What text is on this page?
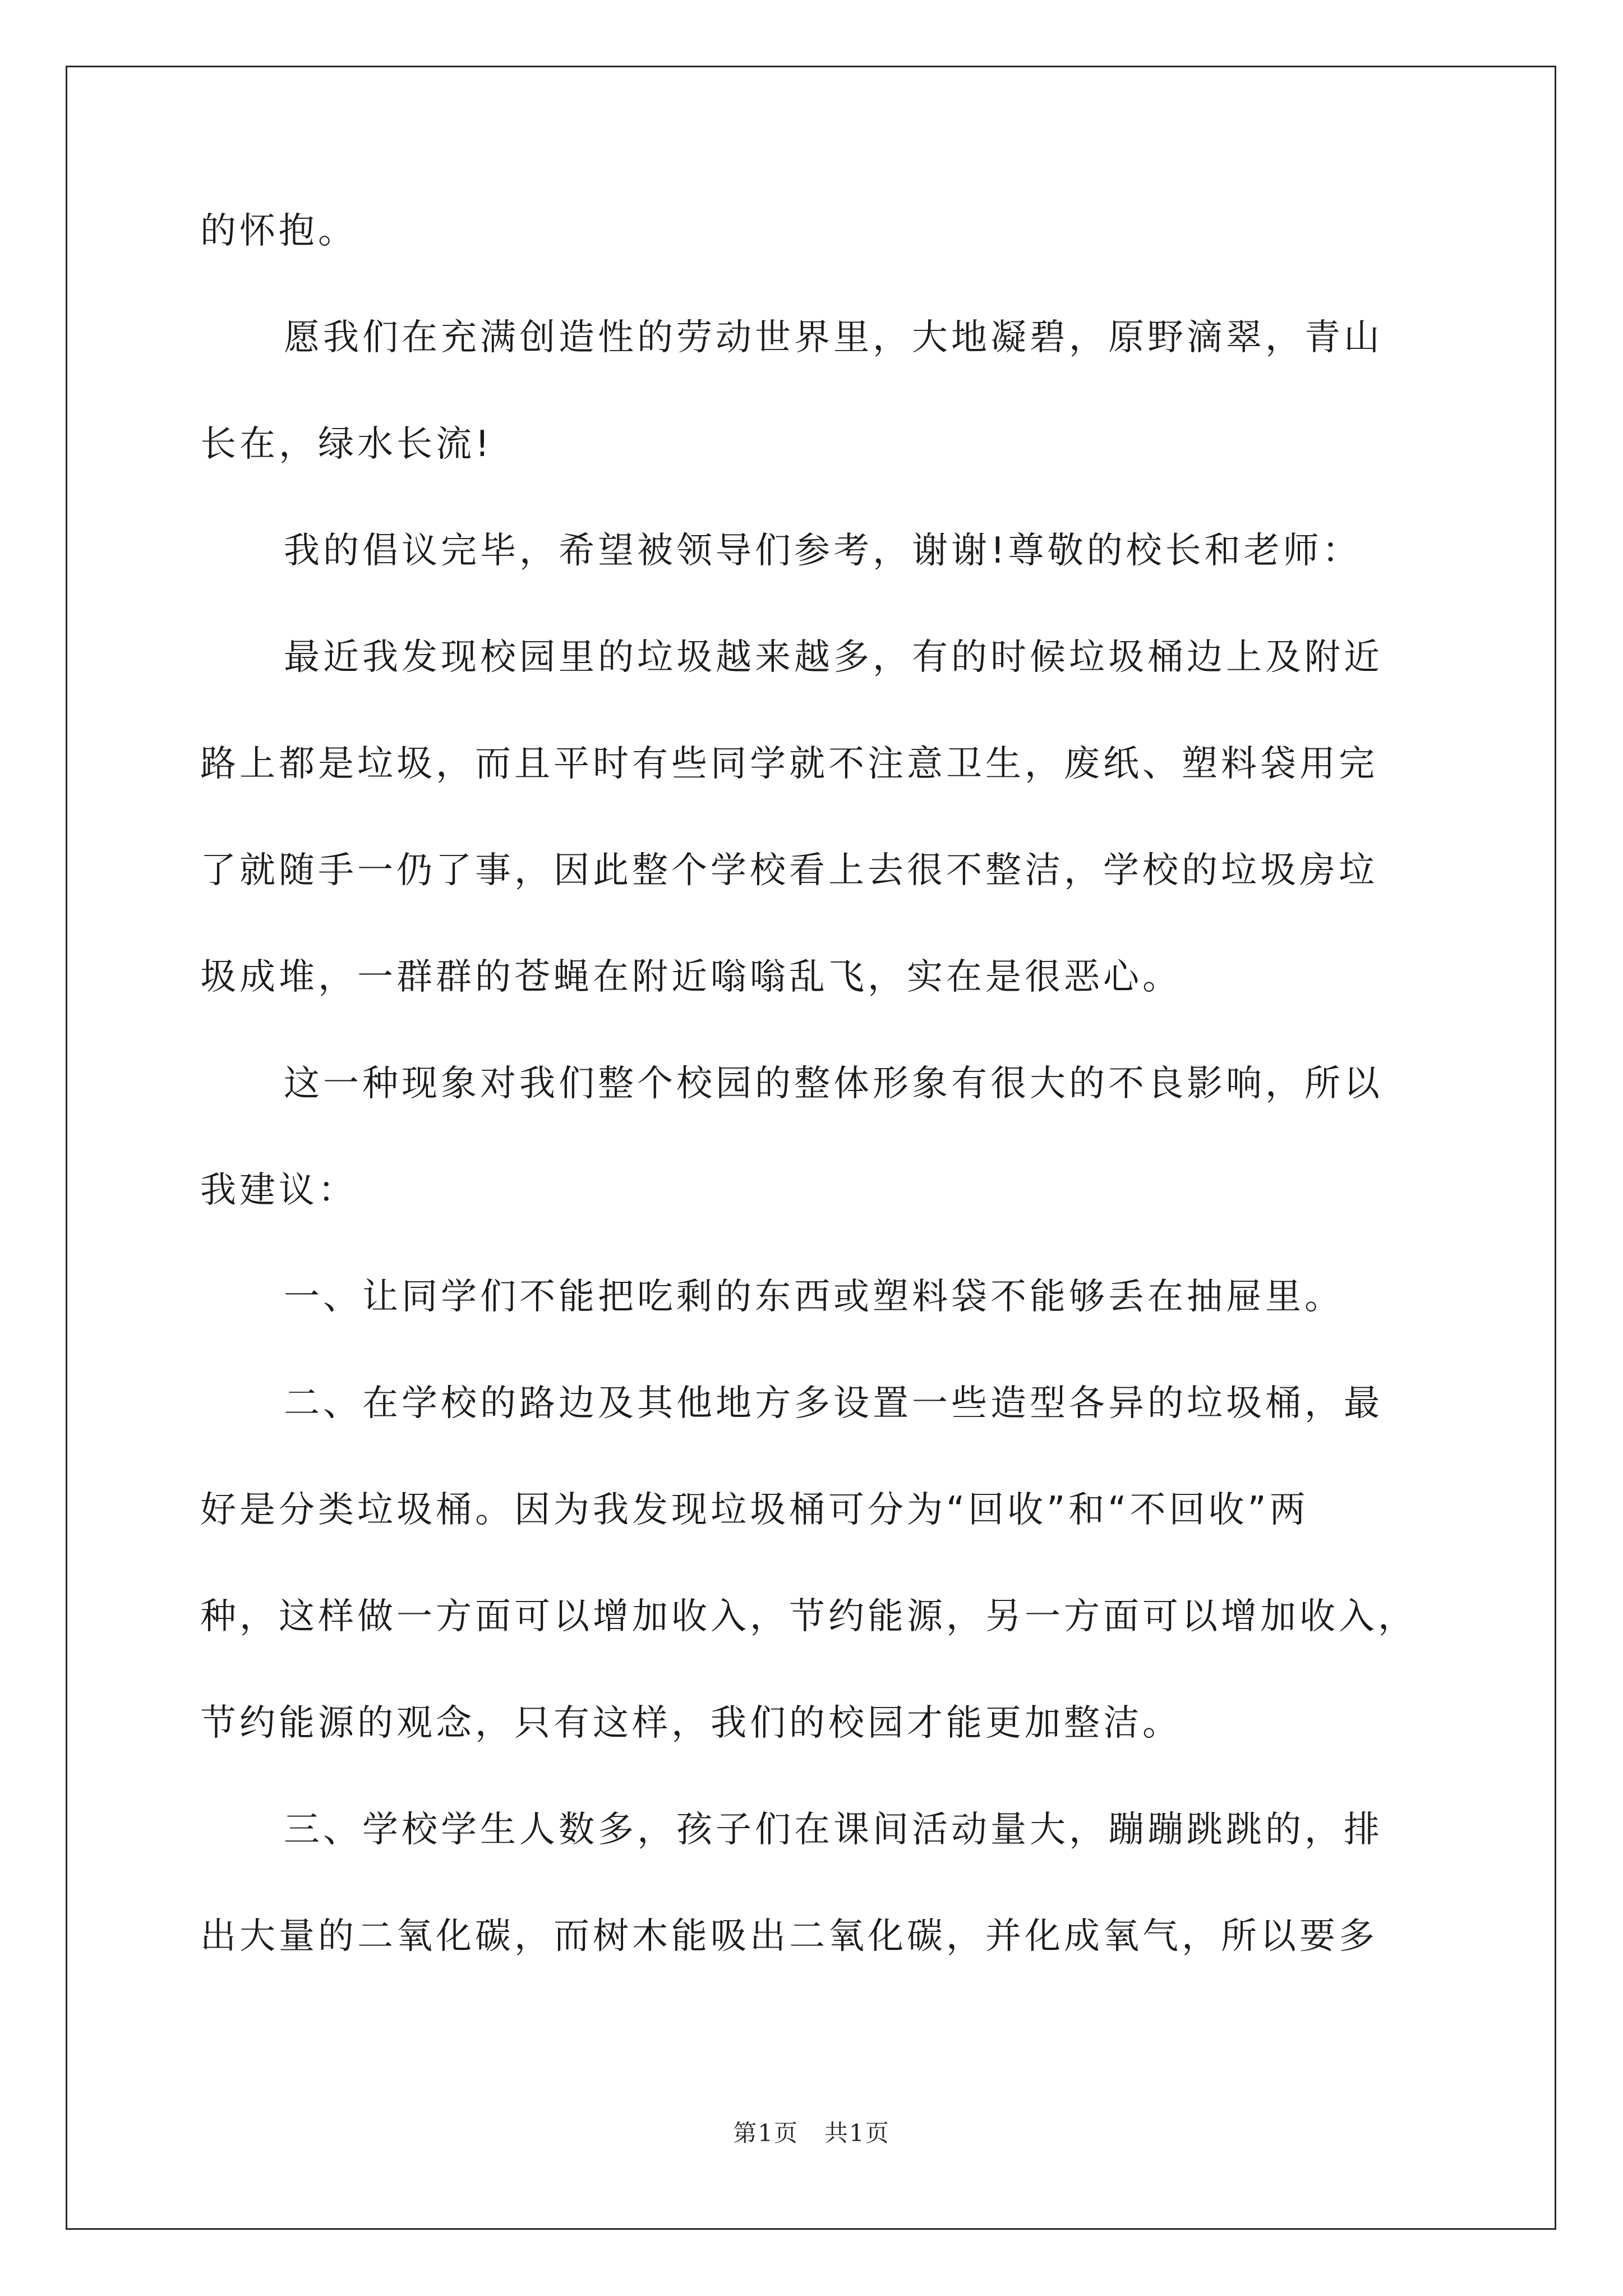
的怀抱。
愿我们在充满创造性的劳动世界里，大地凝碧，原野滴翠，青山
长在，绿水长流!
我的倡议完毕，希望被领导们参考，谢谢!尊敬的校长和老师：
最近我发现校园里的垃圾越来越多，有的时候垃圾桶边上及附近
路上都是垃圾，而且平时有些同学就不注意卫生，废纸、塑料袋用完
了就随手一仍了事，因此整个学校看上去很不整洁，学校的垃圾房垃
圾成堆，一群群的苍蝇在附近嗡嗡乱飞，实在是很恶心。
这一种现象对我们整个校园的整体形象有很大的不良影响，所以
我建议：
一、让同学们不能把吃剩的东西或塑料袋不能够丢在抽屉里。
二、在学校的路边及其他地方多设置一些造型各异的垃圾桶，最
好是分类垃圾桶。因为我发现垃圾桶可分为“回收”和“不回收”两
种，这样做一方面可以增加收入，节约能源，另一方面可以增加收入，
节约能源的观念，只有这样，我们的校园才能更加整洁。
三、学校学生人数多，孩子们在课间活动量大，蹦蹦跳跳的，排
出大量的二氧化碳，而树木能吸出二氧化碳，并化成氧气，所以要多
第1页 共1页
